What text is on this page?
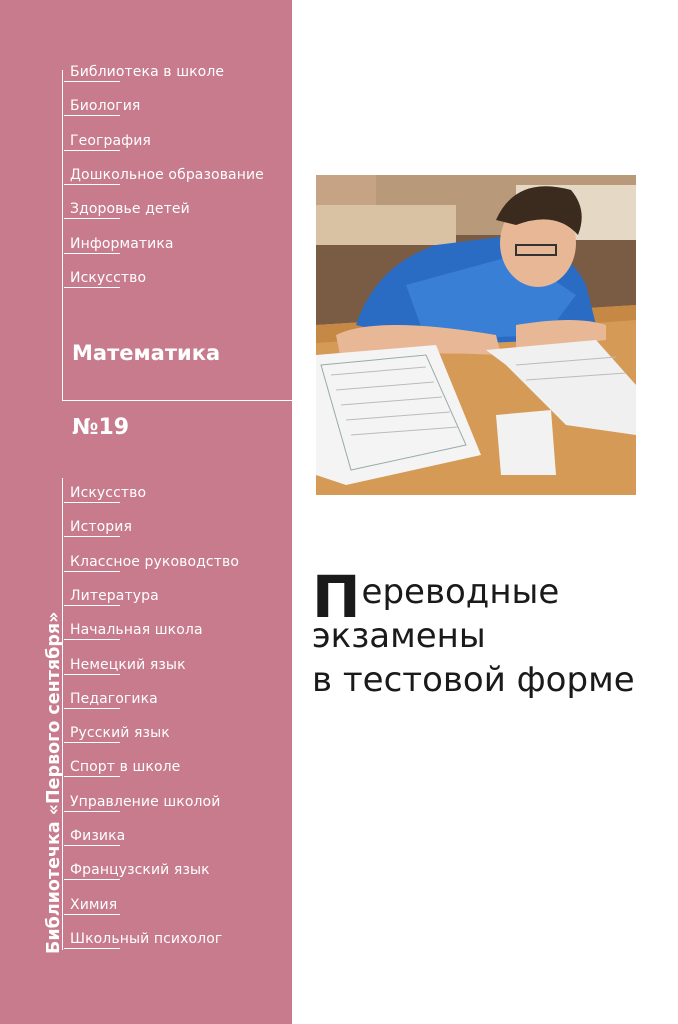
Библиотека в школе
Биология
География
Дошкольное образование
Здоровье детей
Информатика
Искусство
Математика
№19
Искусство
История
Классное руководство
Литература
Начальная школа
Немецкий язык
Педагогика
Русский язык
Спорт в школе
Управление школой
Физика
Французский язык
Химия
Школьный психолог
Библиотечка «Первого сентября»
Переводные
экзамены
в тестовой форме
